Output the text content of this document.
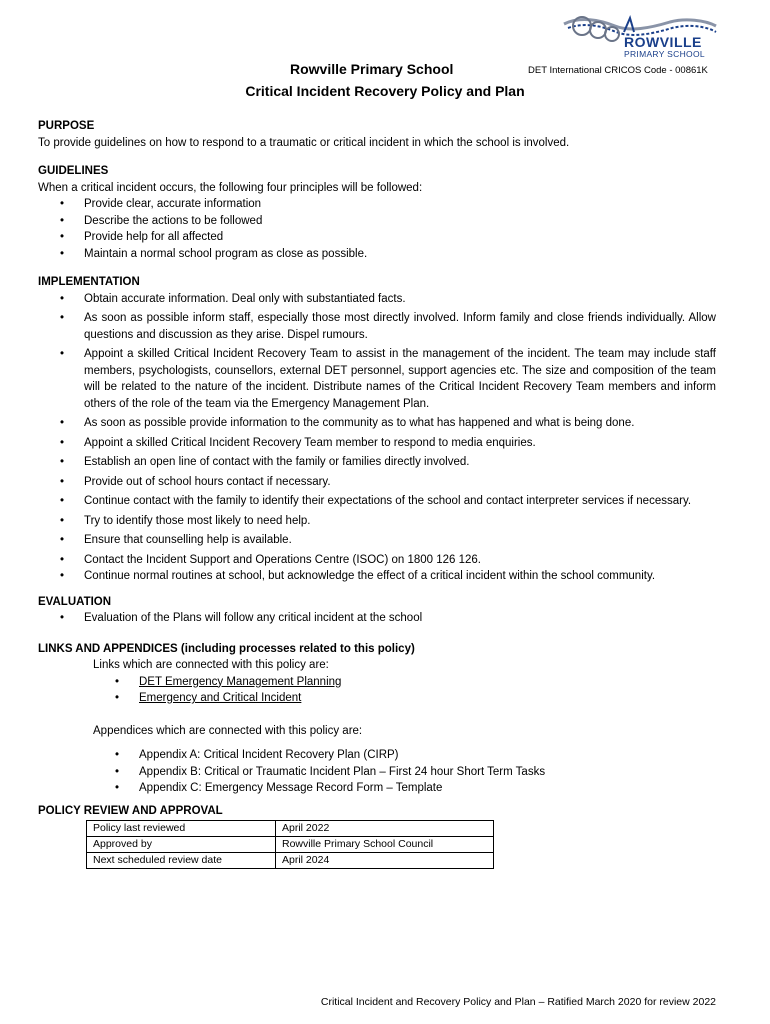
ROWVILLE
PRIMARY SCHOOL
Rowville Primary School	DET International CRICOS Code - 00861K
Critical Incident Recovery Policy and Plan
PURPOSE

To provide guidelines on how to respond to a traumatic or critical incident in which the school is involved.

GUIDELINES

When a critical incident occurs, the following four principles will be followed:

• Provide clear, accurate information
• Describe the actions to be followed
• Provide help for all affected
• Maintain a normal school program as close as possible.
IMPLEMENTATION
• Obtain accurate information. Deal only with substantiated facts.
• As soon as possible inform staff, especially those most directly involved. Inform family and close friends individually. Allow questions and discussion as they arise. Dispel rumours.
• Appoint a skilled Critical Incident Recovery Team to assist in the management of the incident. The team may include staff members, psychologists, counsellors, external DET personnel, support agencies etc. The size and composition of the team will be related to the nature of the incident. Distribute names of the Critical Incident Recovery Team members and inform others of the role of the team via the Emergency Management Plan.
• As soon as possible provide information to the community as to what has happened and what is being done.
• Appoint a skilled Critical Incident Recovery Team member to respond to media enquiries.
• Establish an open line of contact with the family or families directly involved.
• Provide out of school hours contact if necessary.
• Continue contact with the family to identify their expectations of the school and contact interpreter services if necessary.
• Try to identify those most likely to need help.
• Ensure that counselling help is available.
• Contact the Incident Support and Operations Centre (ISOC) on 1800 126 126.
• Continue normal routines at school, but acknowledge the effect of a critical incident within the school community.
EVALUATION
• Evaluation of the Plans will follow any critical incident at the school
LINKS AND APPENDICES (including processes related to this policy)

Links which are connected with this policy are:

• DET Emergency Management Planning
• Emergency and Critical Incident

Appendices which are connected with this policy are:

• Appendix A: Critical Incident Recovery Plan (CIRP)
• Appendix B: Critical or Traumatic Incident Plan – First 24 hour Short Term Tasks
• Appendix C: Emergency Message Record Form – Template
POLICY REVIEW AND APPROVAL
Policy last reviewed	April 2022
Approved by	Rowville Primary School Council
Next scheduled review date	April 2024
Critical Incident and Recovery Policy and Plan – Ratified March 2020 for review 2022
